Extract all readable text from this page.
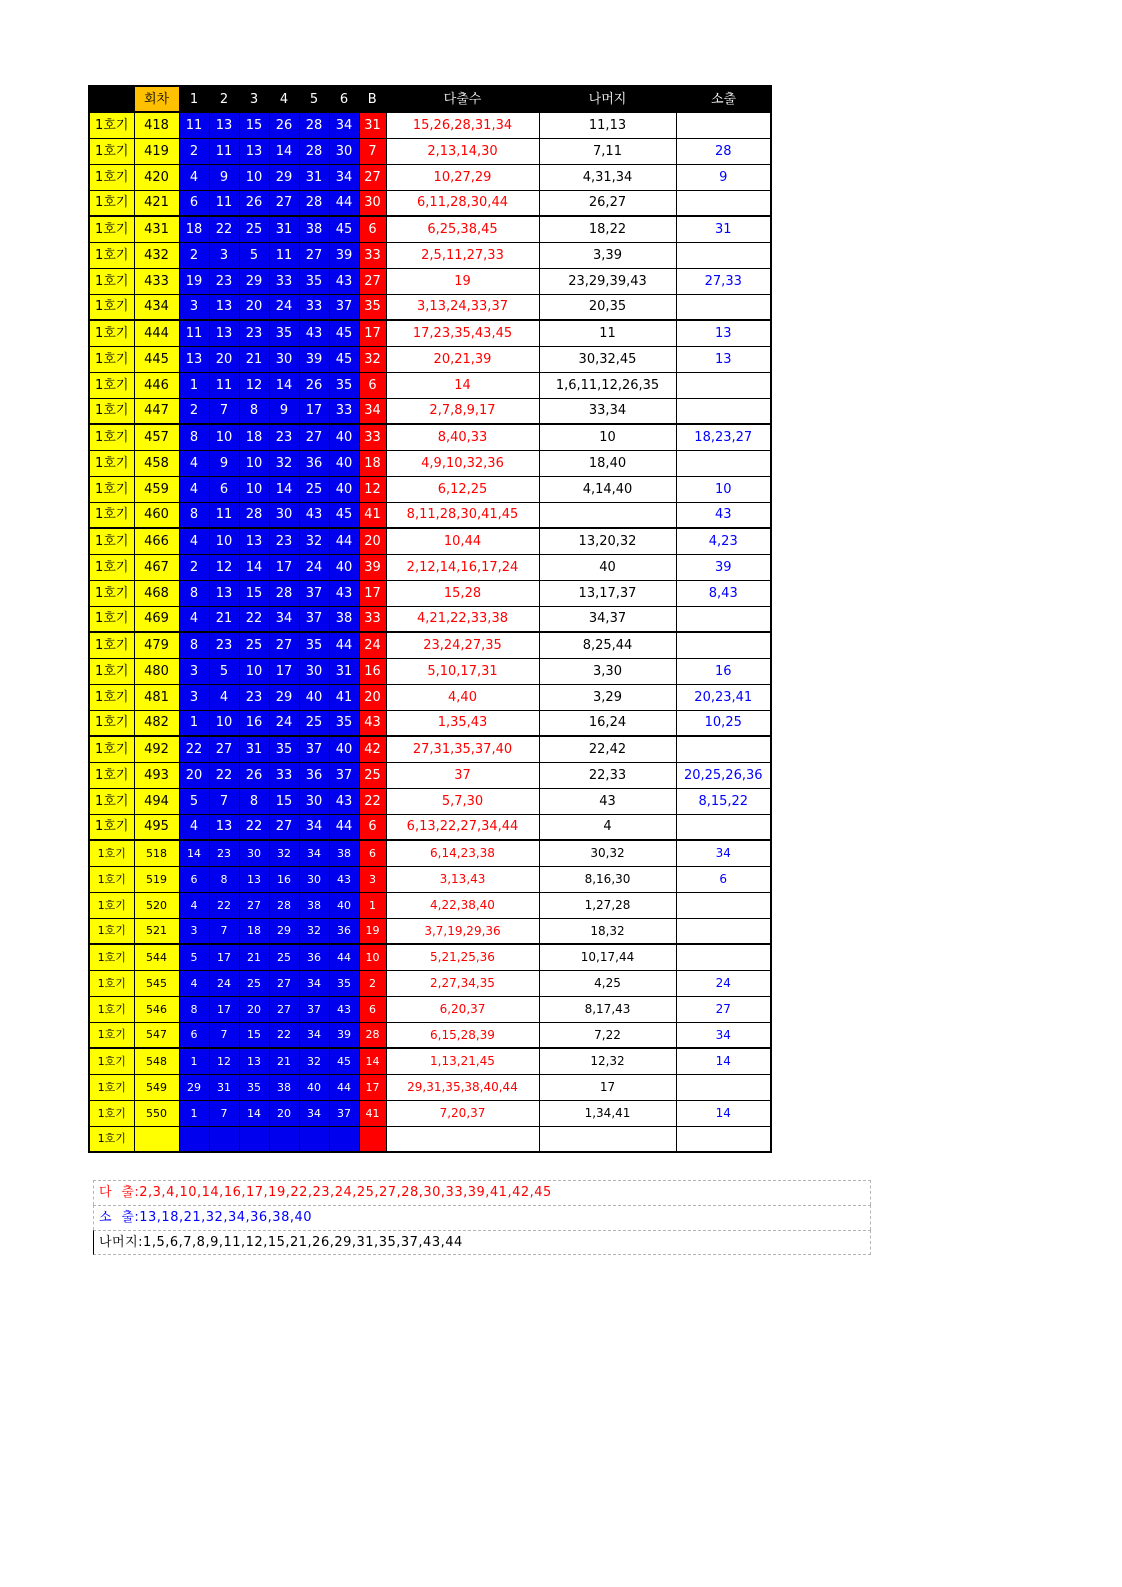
	회차	1	2	3	4	5	6	B	다출수	나머지	소출
1호기	418	11	13	15	26	28	34	31	15,26,28,31,34	11,13	
1호기	419	2	11	13	14	28	30	7	2,13,14,30	7,11	28
1호기	420	4	9	10	29	31	34	27	10,27,29	4,31,34	9
1호기	421	6	11	26	27	28	44	30	6,11,28,30,44	26,27	
1호기	431	18	22	25	31	38	45	6	6,25,38,45	18,22	31
1호기	432	2	3	5	11	27	39	33	2,5,11,27,33	3,39	
1호기	433	19	23	29	33	35	43	27	19	23,29,39,43	27,33
1호기	434	3	13	20	24	33	37	35	3,13,24,33,37	20,35	
1호기	444	11	13	23	35	43	45	17	17,23,35,43,45	11	13
1호기	445	13	20	21	30	39	45	32	20,21,39	30,32,45	13
1호기	446	1	11	12	14	26	35	6	14	1,6,11,12,26,35	
1호기	447	2	7	8	9	17	33	34	2,7,8,9,17	33,34	
1호기	457	8	10	18	23	27	40	33	8,40,33	10	18,23,27
1호기	458	4	9	10	32	36	40	18	4,9,10,32,36	18,40	
1호기	459	4	6	10	14	25	40	12	6,12,25	4,14,40	10
1호기	460	8	11	28	30	43	45	41	8,11,28,30,41,45		43
1호기	466	4	10	13	23	32	44	20	10,44	13,20,32	4,23
1호기	467	2	12	14	17	24	40	39	2,12,14,16,17,24	40	39
1호기	468	8	13	15	28	37	43	17	15,28	13,17,37	8,43
1호기	469	4	21	22	34	37	38	33	4,21,22,33,38	34,37	
1호기	479	8	23	25	27	35	44	24	23,24,27,35	8,25,44	
1호기	480	3	5	10	17	30	31	16	5,10,17,31	3,30	16
1호기	481	3	4	23	29	40	41	20	4,40	3,29	20,23,41
1호기	482	1	10	16	24	25	35	43	1,35,43	16,24	10,25
1호기	492	22	27	31	35	37	40	42	27,31,35,37,40	22,42	
1호기	493	20	22	26	33	36	37	25	37	22,33	20,25,26,36
1호기	494	5	7	8	15	30	43	22	5,7,30	43	8,15,22
1호기	495	4	13	22	27	34	44	6	6,13,22,27,34,44	4	
1호기	518	14	23	30	32	34	38	6	6,14,23,38	30,32	34
1호기	519	6	8	13	16	30	43	3	3,13,43	8,16,30	6
1호기	520	4	22	27	28	38	40	1	4,22,38,40	1,27,28	
1호기	521	3	7	18	29	32	36	19	3,7,19,29,36	18,32	
1호기	544	5	17	21	25	36	44	10	5,21,25,36	10,17,44	
1호기	545	4	24	25	27	34	35	2	2,27,34,35	4,25	24
1호기	546	8	17	20	27	37	43	6	6,20,37	8,17,43	27
1호기	547	6	7	15	22	34	39	28	6,15,28,39	7,22	34
1호기	548	1	12	13	21	32	45	14	1,13,21,45	12,32	14
1호기	549	29	31	35	38	40	44	17	29,31,35,38,40,44	17	
1호기	550	1	7	14	20	34	37	41	7,20,37	1,34,41	14
1호기											
다  출:2,3,4,10,14,16,17,19,22,23,24,25,27,28,30,33,39,41,42,45
소  출:13,18,21,32,34,36,38,40
나머지:1,5,6,7,8,9,11,12,15,21,26,29,31,35,37,43,44
